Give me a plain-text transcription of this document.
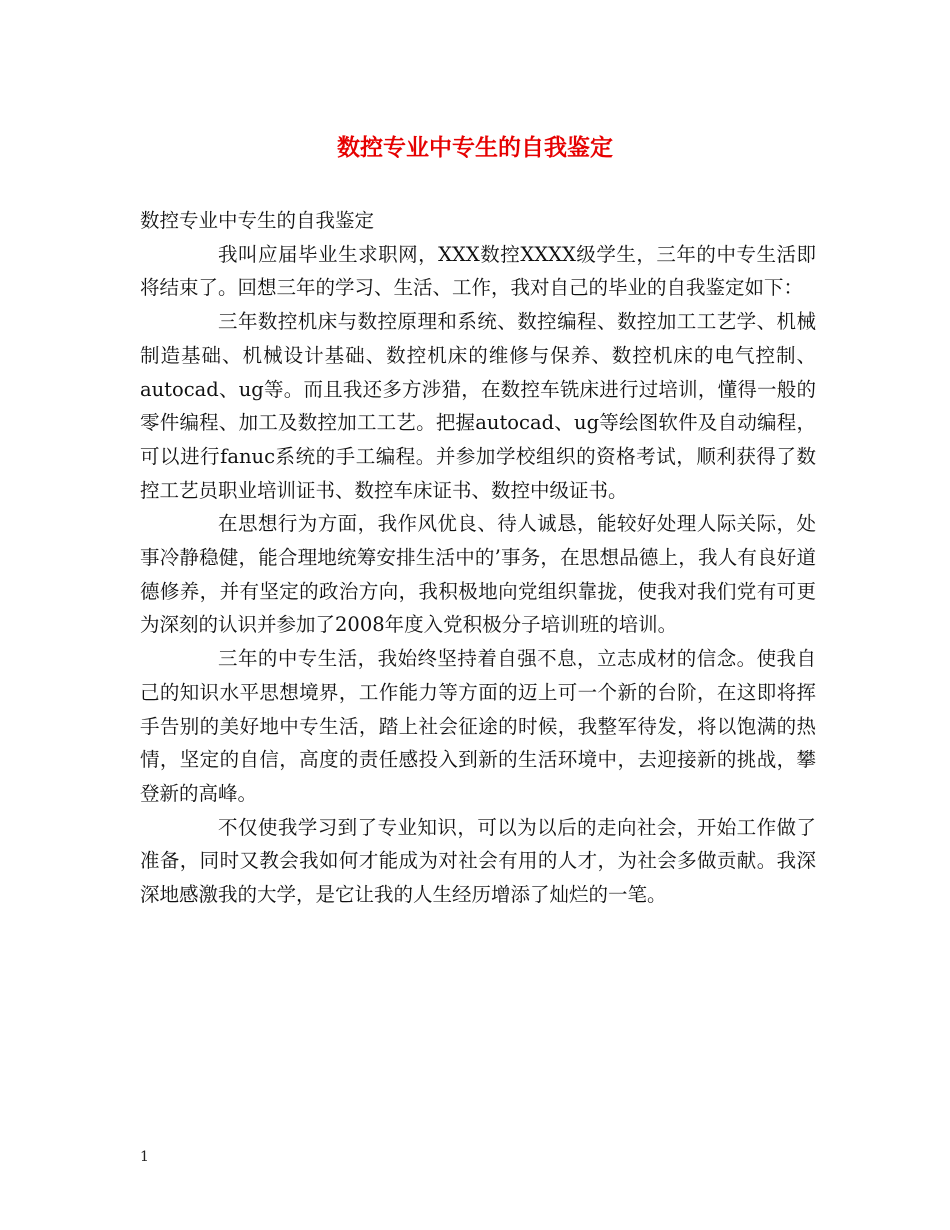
数控专业中专生的自我鉴定

数控专业中专生的自我鉴定

我叫应届毕业生求职网，XXX数控XXXX级学生，三年的中专生活即将结束了。回想三年的学习、生活、工作，我对自己的毕业的自我鉴定如下：

三年数控机床与数控原理和系统、数控编程、数控加工工艺学、机械制造基础、机械设计基础、数控机床的维修与保养、数控机床的电气控制、autocad、ug等。而且我还多方涉猎，在数控车铣床进行过培训，懂得一般的零件编程、加工及数控加工工艺。把握autocad、ug等绘图软件及自动编程，可以进行fanuc系统的手工编程。并参加学校组织的资格考试，顺利获得了数控工艺员职业培训证书、数控车床证书、数控中级证书。

在思想行为方面，我作风优良、待人诚恳，能较好处理人际关际，处事冷静稳健，能合理地统筹安排生活中的’事务，在思想品德上，我人有良好道德修养，并有坚定的政治方向，我积极地向党组织靠拢，使我对我们党有可更为深刻的认识并参加了2008年度入党积极分子培训班的培训。

三年的中专生活，我始终坚持着自强不息，立志成材的信念。使我自己的知识水平思想境界，工作能力等方面的迈上可一个新的台阶，在这即将挥手告别的美好地中专生活，踏上社会征途的时候，我整军待发，将以饱满的热情，坚定的自信，高度的责任感投入到新的生活环境中，去迎接新的挑战，攀登新的高峰。

不仅使我学习到了专业知识，可以为以后的走向社会，开始工作做了准备，同时又教会我如何才能成为对社会有用的人才，为社会多做贡献。我深深地感激我的大学，是它让我的人生经历增添了灿烂的一笔。

1
